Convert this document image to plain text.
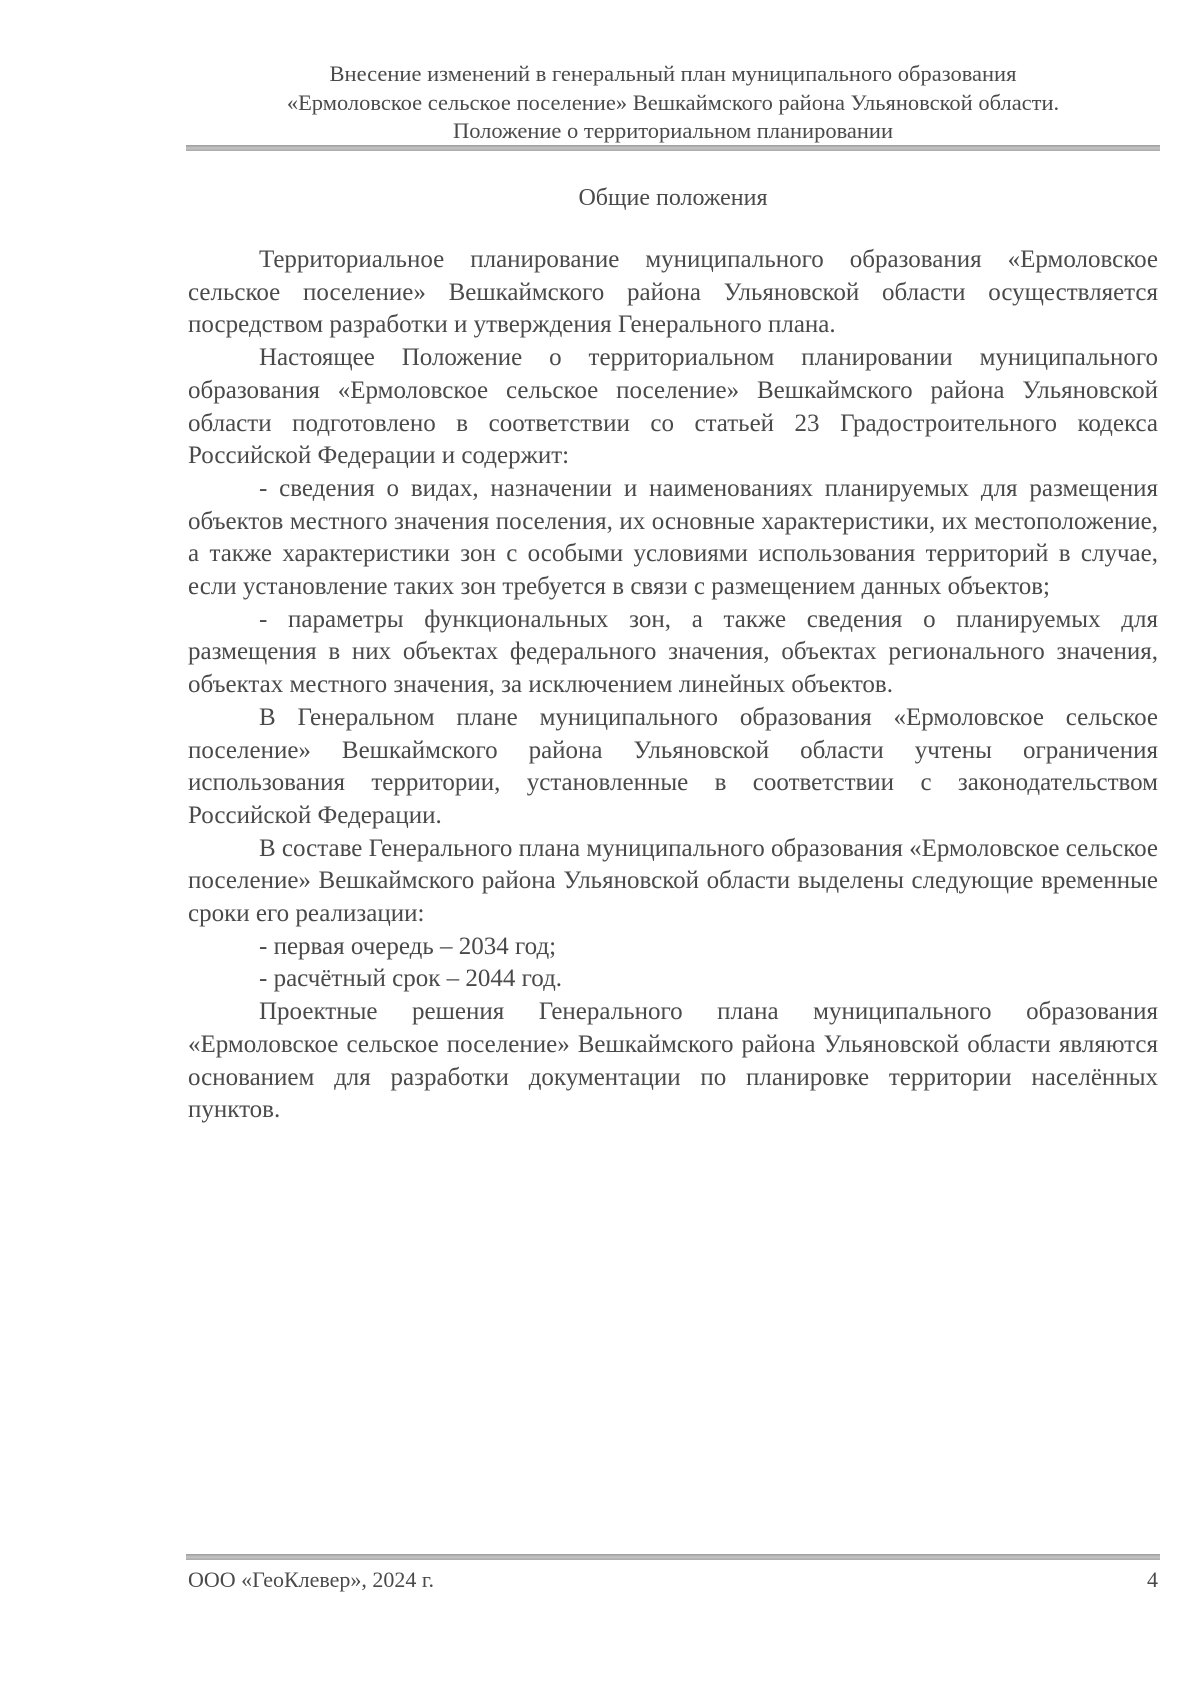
Внесение изменений в генеральный план муниципального образования
«Ермоловское сельское поселение» Вешкаймского района Ульяновской области.
Положение о территориальном планировании
Общие положения

Территориальное планирование муниципального образования «Ермоловское сельское поселение» Вешкаймского района Ульяновской области осуществляется посредством разработки и утверждения Генерального плана.

Настоящее Положение о территориальном планировании муниципального образования «Ермоловское сельское поселение» Вешкаймского района Ульяновской области подготовлено в соответствии со статьей 23 Градостроительного кодекса Российской Федерации и содержит:

- сведения о видах, назначении и наименованиях планируемых для размещения объектов местного значения поселения, их основные характеристики, их местоположение, а также характеристики зон с особыми условиями использования территорий в случае, если установление таких зон требуется в связи с размещением данных объектов;

- параметры функциональных зон, а также сведения о планируемых для размещения в них объектах федерального значения, объектах регионального значения, объектах местного значения, за исключением линейных объектов.

В Генеральном плане муниципального образования «Ермоловское сельское поселение» Вешкаймского района Ульяновской области учтены ограничения использования территории, установленные в соответствии с законодательством Российской Федерации.

В составе Генерального плана муниципального образования «Ермоловское сельское поселение» Вешкаймского района Ульяновской области выделены следующие временные сроки его реализации:

- первая очередь – 2034 год;

- расчётный срок – 2044 год.

Проектные решения Генерального плана муниципального образования «Ермоловское сельское поселение» Вешкаймского района Ульяновской области являются основанием для разработки документации по планировке территории населённых пунктов.

ООО «ГеоКлевер», 2024 г.	4
